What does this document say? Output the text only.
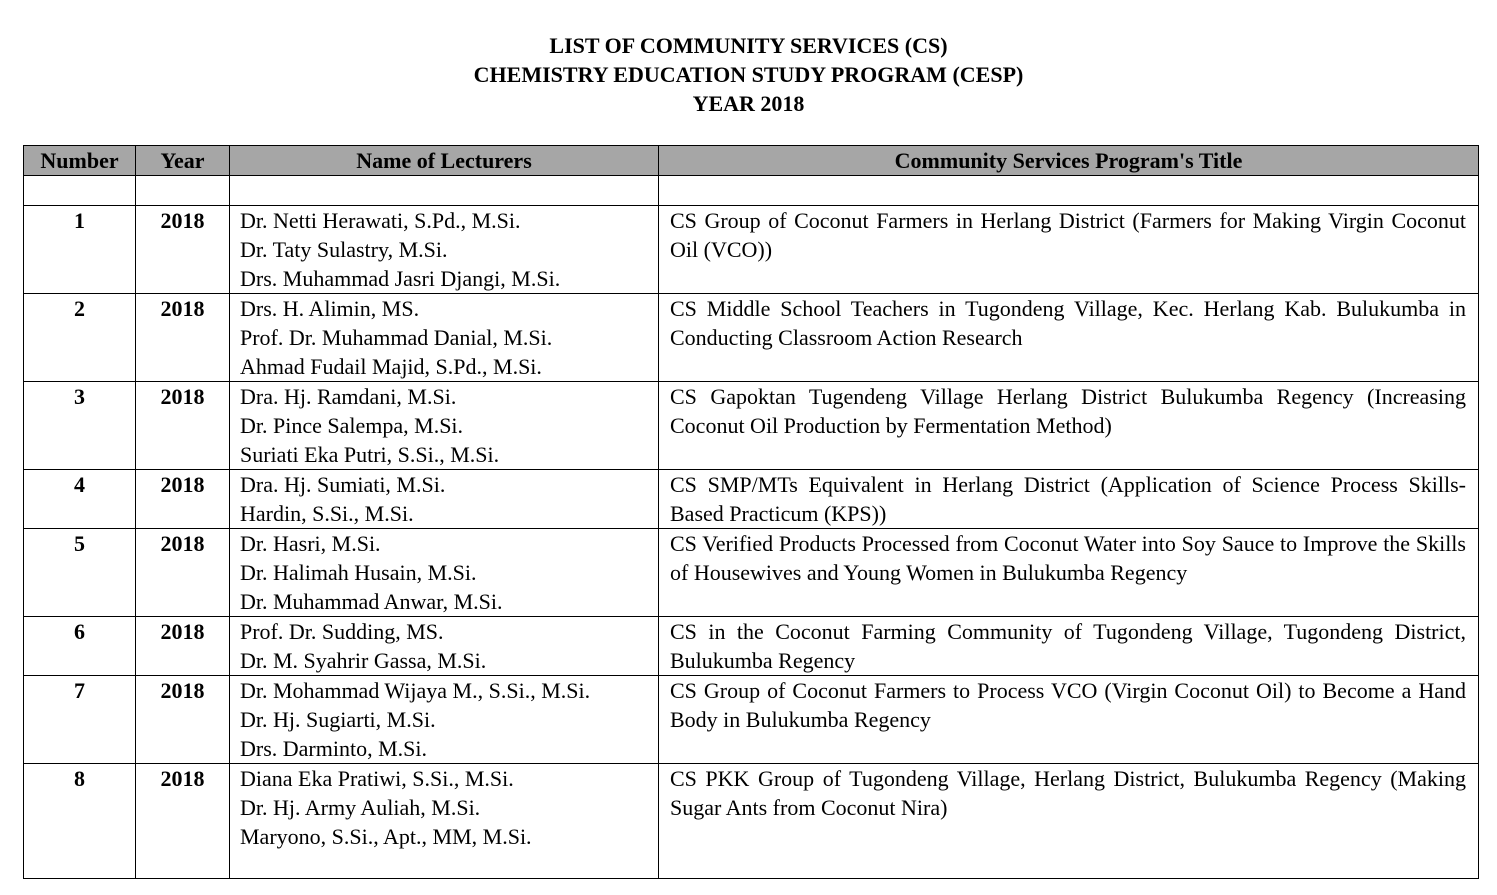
LIST OF COMMUNITY SERVICES (CS)
CHEMISTRY EDUCATION STUDY PROGRAM (CESP)
YEAR 2018
Number	Year	Name of Lecturers	Community Services Program's Title

1	2018	Dr. Netti Herawati, S.Pd., M.Si.
Dr. Taty Sulastry, M.Si.
Drs. Muhammad Jasri Djangi, M.Si.	CS Group of Coconut Farmers in Herlang District (Farmers for Making Virgin Coconut Oil (VCO))
2	2018	Drs. H. Alimin, MS.
Prof. Dr. Muhammad Danial, M.Si.
Ahmad Fudail Majid, S.Pd., M.Si.	CS Middle School Teachers in Tugondeng Village, Kec. Herlang Kab. Bulukumba in Conducting Classroom Action Research
3	2018	Dra. Hj. Ramdani, M.Si.
Dr. Pince Salempa, M.Si.
Suriati Eka Putri, S.Si., M.Si.	CS Gapoktan Tugendeng Village Herlang District Bulukumba Regency (Increasing Coconut Oil Production by Fermentation Method)
4	2018	Dra. Hj. Sumiati, M.Si.
Hardin, S.Si., M.Si.	CS SMP/MTs Equivalent in Herlang District (Application of Science Process Skills-Based Practicum (KPS))
5	2018	Dr. Hasri, M.Si.
Dr. Halimah Husain, M.Si.
Dr. Muhammad Anwar, M.Si.	CS Verified Products Processed from Coconut Water into Soy Sauce to Improve the Skills of Housewives and Young Women in Bulukumba Regency
6	2018	Prof. Dr. Sudding, MS.
Dr. M. Syahrir Gassa, M.Si.	CS in the Coconut Farming Community of Tugondeng Village, Tugondeng District, Bulukumba Regency
7	2018	Dr. Mohammad Wijaya M., S.Si., M.Si.
Dr. Hj. Sugiarti, M.Si.
Drs. Darminto, M.Si.	CS Group of Coconut Farmers to Process VCO (Virgin Coconut Oil) to Become a Hand Body in Bulukumba Regency
8	2018	Diana Eka Pratiwi, S.Si., M.Si.
Dr. Hj. Army Auliah, M.Si.
Maryono, S.Si., Apt., MM, M.Si.	CS PKK Group of Tugondeng Village, Herlang District, Bulukumba Regency (Making Sugar Ants from Coconut Nira)
